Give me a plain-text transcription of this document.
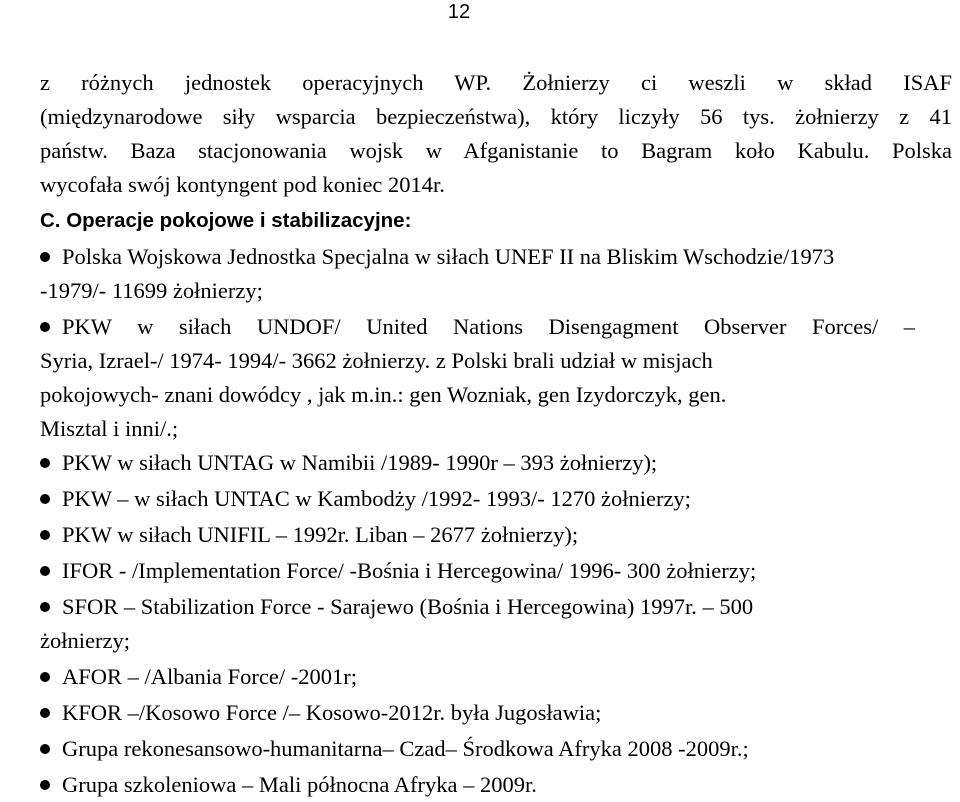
12
z różnych jednostek operacyjnych WP. Żołnierzy ci weszli w skład ISAF
(międzynarodowe siły wsparcia bezpieczeństwa), który liczyły 56 tys. żołnierzy z 41
państw. Baza stacjonowania wojsk w Afganistanie to Bagram koło Kabulu. Polska
wycofała swój kontyngent pod koniec 2014r.
C. Operacje pokojowe i stabilizacyjne:
Polska Wojskowa Jednostka Specjalna w siłach UNEF II na Bliskim Wschodzie/1973
-1979/- 11699 żołnierzy;
PKW w siłach UNDOF/ United Nations Disengagment Observer Forces/ –
Syria, Izrael-/ 1974- 1994/- 3662 żołnierzy. z Polski brali udział w misjach
pokojowych- znani dowódcy , jak m.in.: gen Wozniak, gen Izydorczyk, gen.
Misztal i inni/.;
PKW w siłach UNTAG w Namibii /1989- 1990r – 393 żołnierzy);
PKW – w siłach UNTAC w Kambodży /1992- 1993/- 1270 żołnierzy;
PKW w siłach UNIFIL – 1992r. Liban – 2677 żołnierzy);
IFOR - /Implementation Force/ -Bośnia i Hercegowina/ 1996- 300 żołnierzy;
SFOR – Stabilization Force - Sarajewo (Bośnia i Hercegowina) 1997r. – 500
żołnierzy;
AFOR – /Albania Force/ -2001r;
KFOR –/Kosowo Force /– Kosowo-2012r. była Jugosławia;
Grupa rekonesansowo-humanitarna– Czad– Środkowa Afryka 2008 -2009r.;
Grupa szkoleniowa – Mali północna Afryka – 2009r.
